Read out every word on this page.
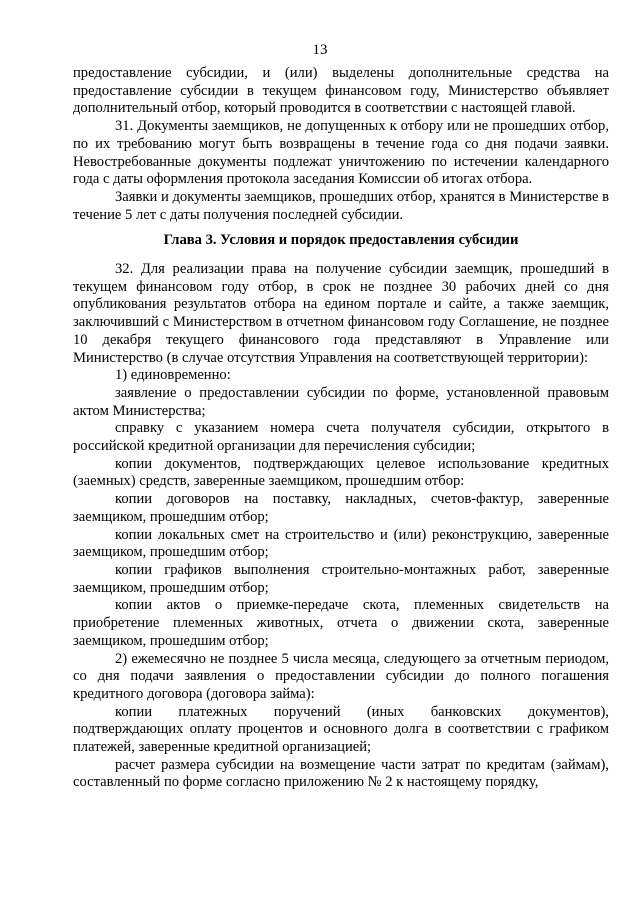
13

предоставление субсидии, и (или) выделены дополнительные средства на предоставление субсидии в текущем финансовом году, Министерство объявляет дополнительный отбор, который проводится в соответствии с настоящей главой.

31. Документы заемщиков, не допущенных к отбору или не прошедших отбор, по их требованию могут быть возвращены в течение года со дня подачи заявки. Невостребованные документы подлежат уничтожению по истечении календарного года с даты оформления протокола заседания Комиссии об итогах отбора.

Заявки и документы заемщиков, прошедших отбор, хранятся в Министерстве в течение 5 лет с даты получения последней субсидии.

Глава 3. Условия и порядок предоставления субсидии

32. Для реализации права на получение субсидии заемщик, прошедший в текущем финансовом году отбор, в срок не позднее 30 рабочих дней со дня опубликования результатов отбора на едином портале и сайте, а также заемщик, заключивший с Министерством в отчетном финансовом году Соглашение, не позднее 10 декабря текущего финансового года представляют в Управление или Министерство (в случае отсутствия Управления на соответствующей территории):

1) единовременно:

заявление о предоставлении субсидии по форме, установленной правовым актом Министерства;

справку с указанием номера счета получателя субсидии, открытого в российской кредитной организации для перечисления субсидии;

копии документов, подтверждающих целевое использование кредитных (заемных) средств, заверенные заемщиком, прошедшим отбор:

копии договоров на поставку, накладных, счетов-фактур, заверенные заемщиком, прошедшим отбор;

копии локальных смет на строительство и (или) реконструкцию, заверенные заемщиком, прошедшим отбор;

копии графиков выполнения строительно-монтажных работ, заверенные заемщиком, прошедшим отбор;

копии актов о приемке-передаче скота, племенных свидетельств на приобретение племенных животных, отчета о движении скота, заверенные заемщиком, прошедшим отбор;

2) ежемесячно не позднее 5 числа месяца, следующего за отчетным периодом, со дня подачи заявления о предоставлении субсидии до полного погашения кредитного договора (договора займа):

копии платежных поручений (иных банковских документов), подтверждающих оплату процентов и основного долга в соответствии с графиком платежей, заверенные кредитной организацией;

расчет размера субсидии на возмещение части затрат по кредитам (займам), составленный по форме согласно приложению № 2 к настоящему порядку,
